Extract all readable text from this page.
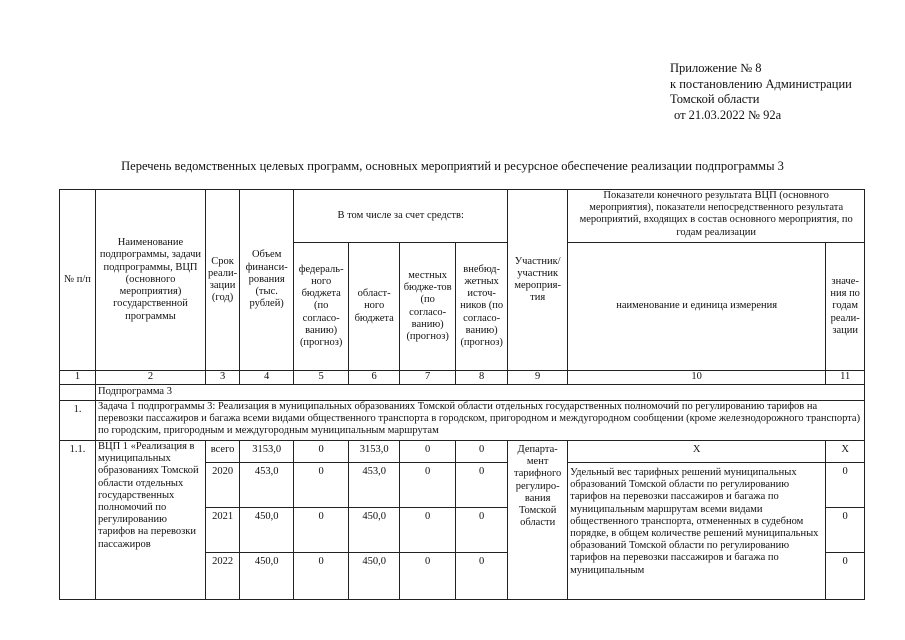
Приложение № 8
к постановлению Администрации
Томской области
от 21.03.2022 № 92а
Перечень ведомственных целевых программ, основных мероприятий и ресурсное обеспечение реализации подпрограммы 3
№ п/п	Наименование подпрограммы, задачи подпрограммы, ВЦП (основного мероприятия) государственной программы	Срок реали-зации (год)	Объем финанси-рования (тыс. рублей)	В том числе за счет средств:				Участник/ участник мероприя-тия	Показатели конечного результата ВЦП (основного мероприятия), показатели непосредственного результата мероприятий, входящих в состав основного мероприятия, по годам реализации	
				федераль-ного бюджета (по согласо-ванию) (прогноз)	област-ного бюджета	местных бюдже-тов (по согласо-ванию) (прогноз)	внебюд-жетных источ-ников (по согласо-ванию) (прогноз)		наименование и единица измерения	значе-ния по годам реали-зации
1	2	3	4	5	6	7	8	9	10	11
	Подпрограмма 3									
1.	Задача 1 подпрограммы 3: Реализация в муниципальных образованиях Томской области отдельных государственных полномочий по регулированию тарифов на перевозки пассажиров и багажа всеми видами общественного транспорта в городском, пригородном и междугородном сообщении (кроме железнодорожного транспорта) по городским, пригородным и междугородным муниципальным маршрутам									
1.1.	ВЦП 1 «Реализация в муниципальных образованиях Томской области отдельных государственных полномочий по регулированию тарифов на перевозки пассажиров	всего	3153,0	0	3153,0	0	0	Департа-мент тарифного регулиро-вания Томской области	Х	Х
		2020	453,0	0	453,0	0	0		Удельный вес тарифных решений муниципальных образований Томской области по регулированию тарифов на перевозки пассажиров и багажа по муниципальным маршрутам всеми видами общественного транспорта, отмененных в судебном порядке, в общем количестве решений муниципальных образований Томской области по регулированию тарифов на перевозки пассажиров и багажа по муниципальным	0
		2021	450,0	0	450,0	0	0			0
		2022	450,0	0	450,0	0	0			0
